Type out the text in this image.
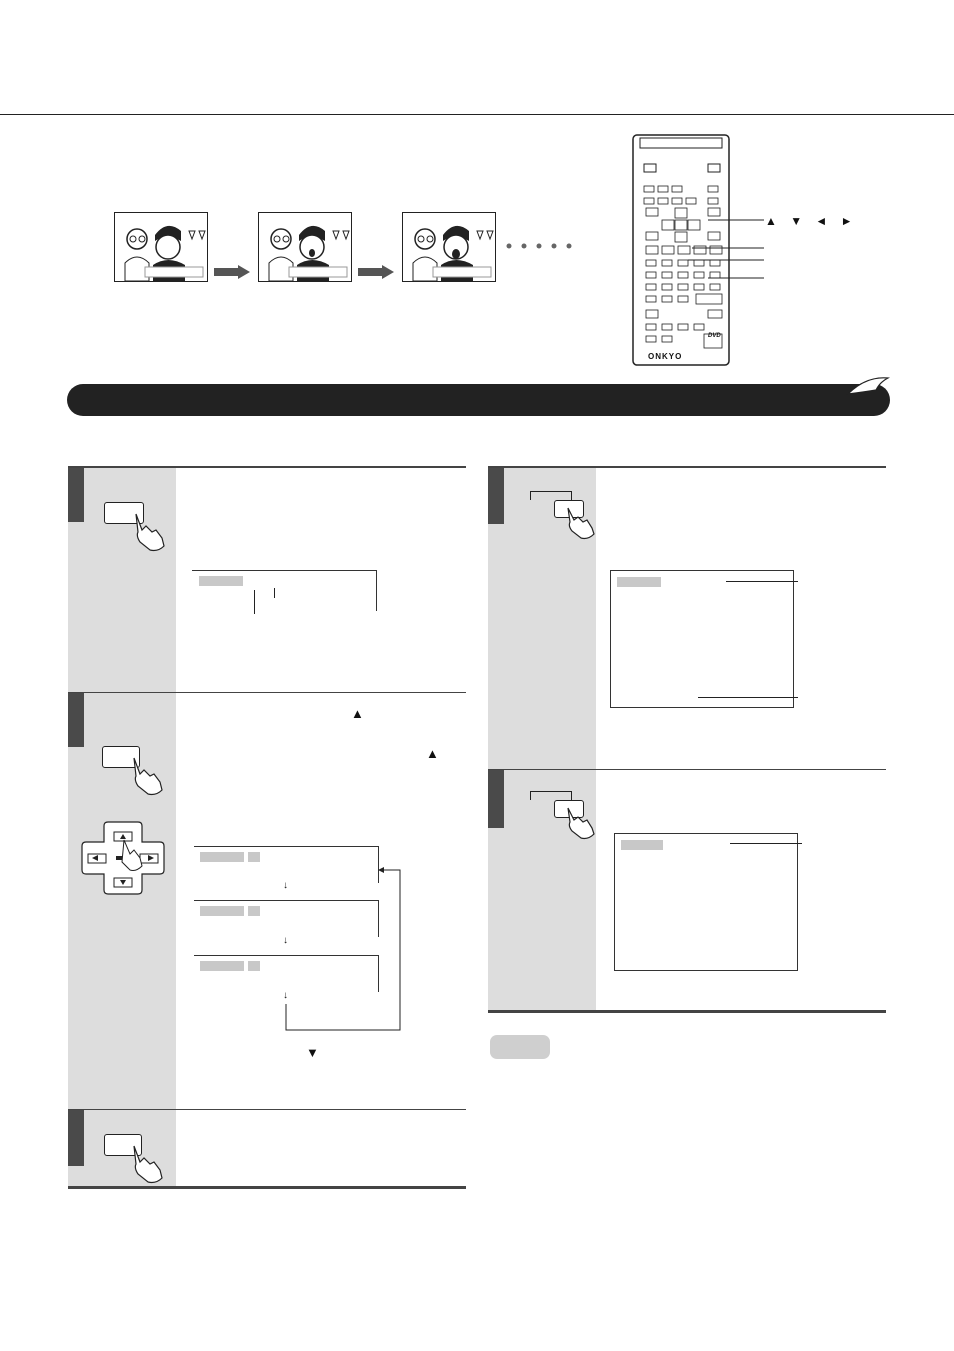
ONKYO
DVD
▲ ▼ ◄ ►
▲
▲
↓
↓
↓
▼
